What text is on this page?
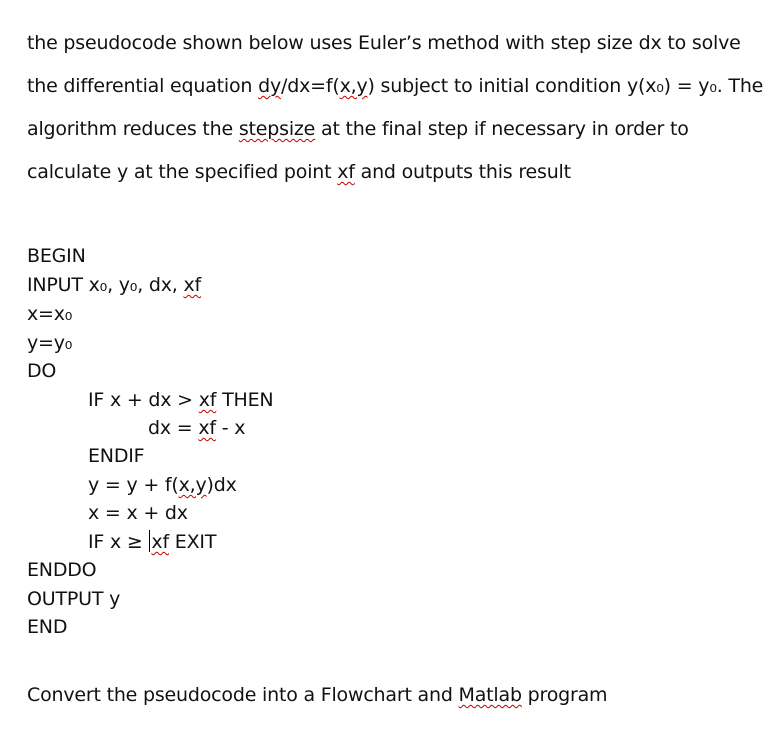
the pseudocode shown below uses Euler’s method with step size dx to solve the differential equation dy/dx=f(x,y) subject to initial condition y(x₀) = y₀. The algorithm reduces the stepsize at the final step if necessary in order to calculate y at the specified point xf and outputs this result

BEGIN
INPUT x₀, y₀, dx, xf
x=x₀
y=y₀
DO
IF x + dx > xf THEN
dx = xf - x
ENDIF
y = y + f(x,y)dx
x = x + dx
IF x ≥ xf EXIT
ENDDO
OUTPUT y
END
Convert the pseudocode into a Flowchart and Matlab program
